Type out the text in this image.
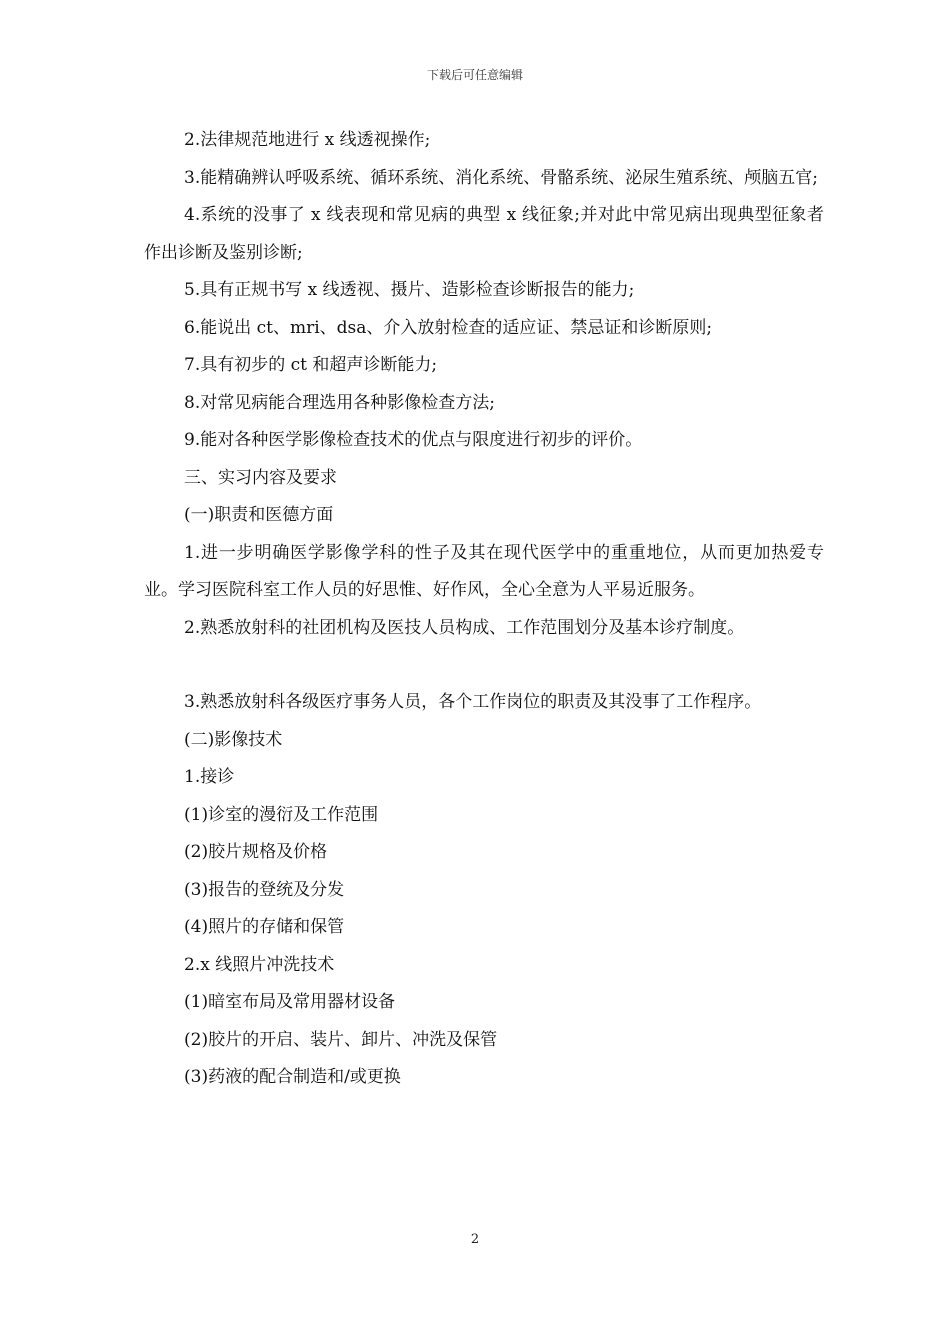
下载后可任意编辑

2.法律规范地进行 x 线透视操作;

3.能精确辨认呼吸系统、循环系统、消化系统、骨骼系统、泌尿生殖系统、颅脑五官;

4.系统的没事了 x 线表现和常见病的典型 x 线征象;并对此中常见病出现典型征象者作出诊断及鉴别诊断;

5.具有正规书写 x 线透视、摄片、造影检查诊断报告的能力;

6.能说出 ct、mri、dsa、介入放射检查的适应证、禁忌证和诊断原则;

7.具有初步的 ct 和超声诊断能力;

8.对常见病能合理选用各种影像检查方法;

9.能对各种医学影像检查技术的优点与限度进行初步的评价。

三、实习内容及要求

(一)职责和医德方面

1.进一步明确医学影像学科的性子及其在现代医学中的重重地位，从而更加热爱专业。学习医院科室工作人员的好思惟、好作风，全心全意为人平易近服务。

2.熟悉放射科的社团机构及医技人员构成、工作范围划分及基本诊疗制度。

3.熟悉放射科各级医疗事务人员，各个工作岗位的职责及其没事了工作程序。

(二)影像技术

1.接诊

(1)诊室的漫衍及工作范围

(2)胶片规格及价格

(3)报告的登统及分发

(4)照片的存储和保管

2.x 线照片冲洗技术

(1)暗室布局及常用器材设备

(2)胶片的开启、装片、卸片、冲洗及保管

(3)药液的配合制造和/或更换

2
